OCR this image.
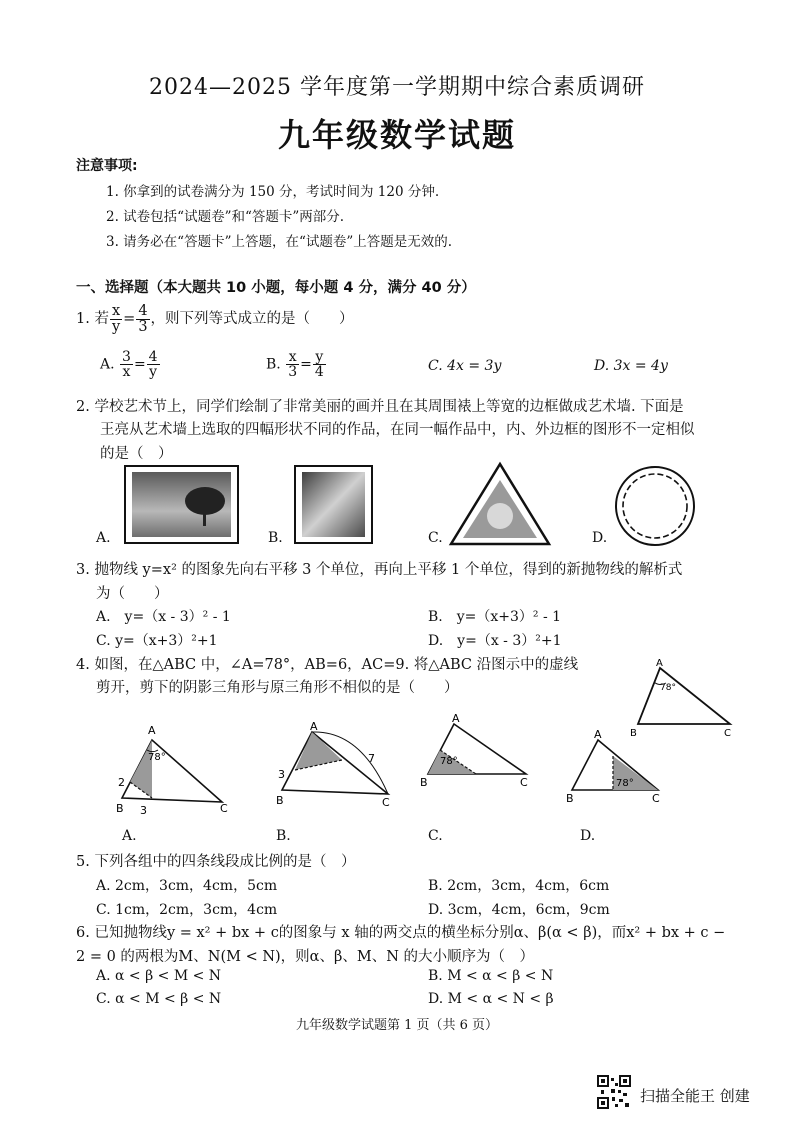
2024—2025 学年度第一学期期中综合素质调研
九年级数学试题
注意事项:
1. 你拿到的试卷满分为 150 分，考试时间为 120 分钟.
2. 试卷包括“试题卷”和“答题卡”两部分.
3. 请务必在“答题卡”上答题，在“试题卷”上答题是无效的.
一、选择题（本大题共 10 小题，每小题 4 分，满分 40 分）
1. 若 $\frac{x}{y} = \frac{4}{3}$ ，则下列等式成立的是（　　）
A. $\frac{3}{x} = \frac{4}{y}$	B. $\frac{x}{3} = \frac{y}{4}$	C. 4x = 3y	D. 3x = 4y
2. 学校艺术节上，同学们绘制了非常美丽的画并且在其周围裱上等宽的边框做成艺术墙. 下面是
王亮从艺术墙上选取的四幅形状不同的作品，在同一幅作品中，内、外边框的图形不一定相似
的是（　）
A.	B.	C.	D.
3. 抛物线 y=x² 的图象先向右平移 3 个单位，再向上平移 1 个单位，得到的新抛物线的解析式
为（　　）
A.　y=（x - 3）² - 1	B.　y=（x+3）² - 1
C. y=（x+3）²+1	D.　y=（x - 3）²+1
4. 如图，在△ABC 中，∠A=78°，AB=6，AC=9. 将△ABC 沿图示中的虚线
剪开，剪下的阴影三角形与原三角形不相似的是（　　）	78°
A
B	C
78°
A
B	C
2
3
A
B	C
3
7	78°
A
B	C	78°
A
B	C
A.	B.	C.	D.
5. 下列各组中的四条线段成比例的是（　）
A. 2cm，3cm，4cm，5cm	B. 2cm，3cm，4cm，6cm
C. 1cm，2cm，3cm，4cm	D. 3cm，4cm，6cm，9cm
6. 已知抛物线y = x² + bx + c的图象与 x 轴的两交点的横坐标分别α、β(α < β)，而x² + bx + c −
2 = 0 的两根为M、N(M < N)，则α、β、M、N 的大小顺序为（　）
A. α < β < M < N	B. M < α < β < N
C. α < M < β < N	D. M < α < N < β
九年级数学试题第 1 页（共 6 页）
扫描全能王 创建
